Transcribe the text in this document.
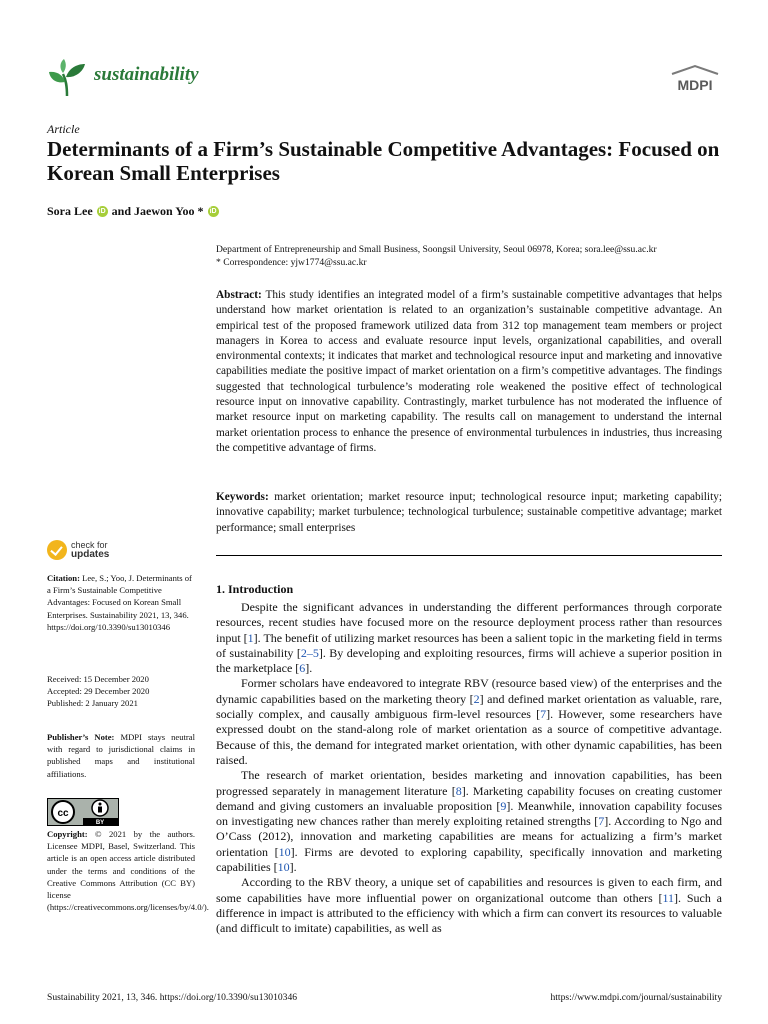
sustainability	MDPI
Article
Determinants of a Firm’s Sustainable Competitive Advantages: Focused on Korean Small Enterprises
Sora Lee iD and Jaewon Yoo * iD
Department of Entrepreneurship and Small Business, Soongsil University, Seoul 06978, Korea; sora.lee@ssu.ac.kr
* Correspondence: yjw1774@ssu.ac.kr
Abstract: This study identifies an integrated model of a firm’s sustainable competitive advantages that helps understand how market orientation is related to an organization’s sustainable competitive advantage. An empirical test of the proposed framework utilized data from 312 top management team members or project managers in Korea to access and evaluate resource input levels, organizational capabilities, and overall environmental contexts; it indicates that market and technological resource input and marketing and innovative capabilities mediate the positive impact of market orientation on a firm’s competitive advantages. The findings suggested that technological turbulence’s moderating role weakened the positive effect of technological resource input on innovative capability. Contrastingly, market turbulence has not moderated the influence of market resource input on marketing capability. The results call on management to understand the internal market orientation process to enhance the presence of environmental turbulences in industries, thus increasing the competitive advantage of firms.
Keywords: market orientation; market resource input; technological resource input; marketing capability; innovative capability; market turbulence; technological turbulence; sustainable competitive advantage; market performance; small enterprises
1. Introduction

Despite the significant advances in understanding the different performances through corporate resources, recent studies have focused more on the resource deployment process rather than resources input [1]. The benefit of utilizing market resources has been a salient topic in the marketing field in terms of sustainability [2–5]. By developing and exploiting resources, firms will achieve a superior position in the marketplace [6].

Former scholars have endeavored to integrate RBV (resource based view) of the enterprises and the dynamic capabilities based on the marketing theory [2] and defined market orientation as valuable, rare, socially complex, and causally ambiguous firm-level resources [7]. However, some researchers have expressed doubt on the stand-along role of market orientation as a source of competitive advantage. Because of this, the demand for integrated market orientation, with other dynamic capabilities, has been raised.

The research of market orientation, besides marketing and innovation capabilities, has been progressed separately in management literature [8]. Marketing capability focuses on creating customer demand and giving customers an invaluable proposition [9]. Meanwhile, innovation capability focuses on investigating new chances rather than merely exploiting retained strengths [7]. According to Ngo and O’Cass (2012), innovation and marketing capabilities are means for actualizing a firm’s market orientation [10]. Firms are devoted to exploring capability, specifically innovation and marketing capabilities [10].

According to the RBV theory, a unique set of capabilities and resources is given to each firm, and some capabilities have more influential power on organizational outcome than others [11]. Such a difference in impact is attributed to the efficiency with which a firm can convert its resources to valuable (and difficult to imitate) capabilities, as well as

check for
updates
Citation: Lee, S.; Yoo, J. Determinants of a Firm’s Sustainable Competitive Advantages: Focused on Korean Small Enterprises. Sustainability 2021, 13, 346. https://doi.org/10.3390/su13010346
Received: 15 December 2020
Accepted: 29 December 2020
Published: 2 January 2021
Publisher’s Note: MDPI stays neutral with regard to jurisdictional claims in published maps and institutional affiliations.
cc
BY
Copyright: © 2021 by the authors. Licensee MDPI, Basel, Switzerland. This article is an open access article distributed under the terms and conditions of the Creative Commons Attribution (CC BY) license (https://creativecommons.org/licenses/by/4.0/).
Sustainability 2021, 13, 346. https://doi.org/10.3390/su13010346	https://www.mdpi.com/journal/sustainability
